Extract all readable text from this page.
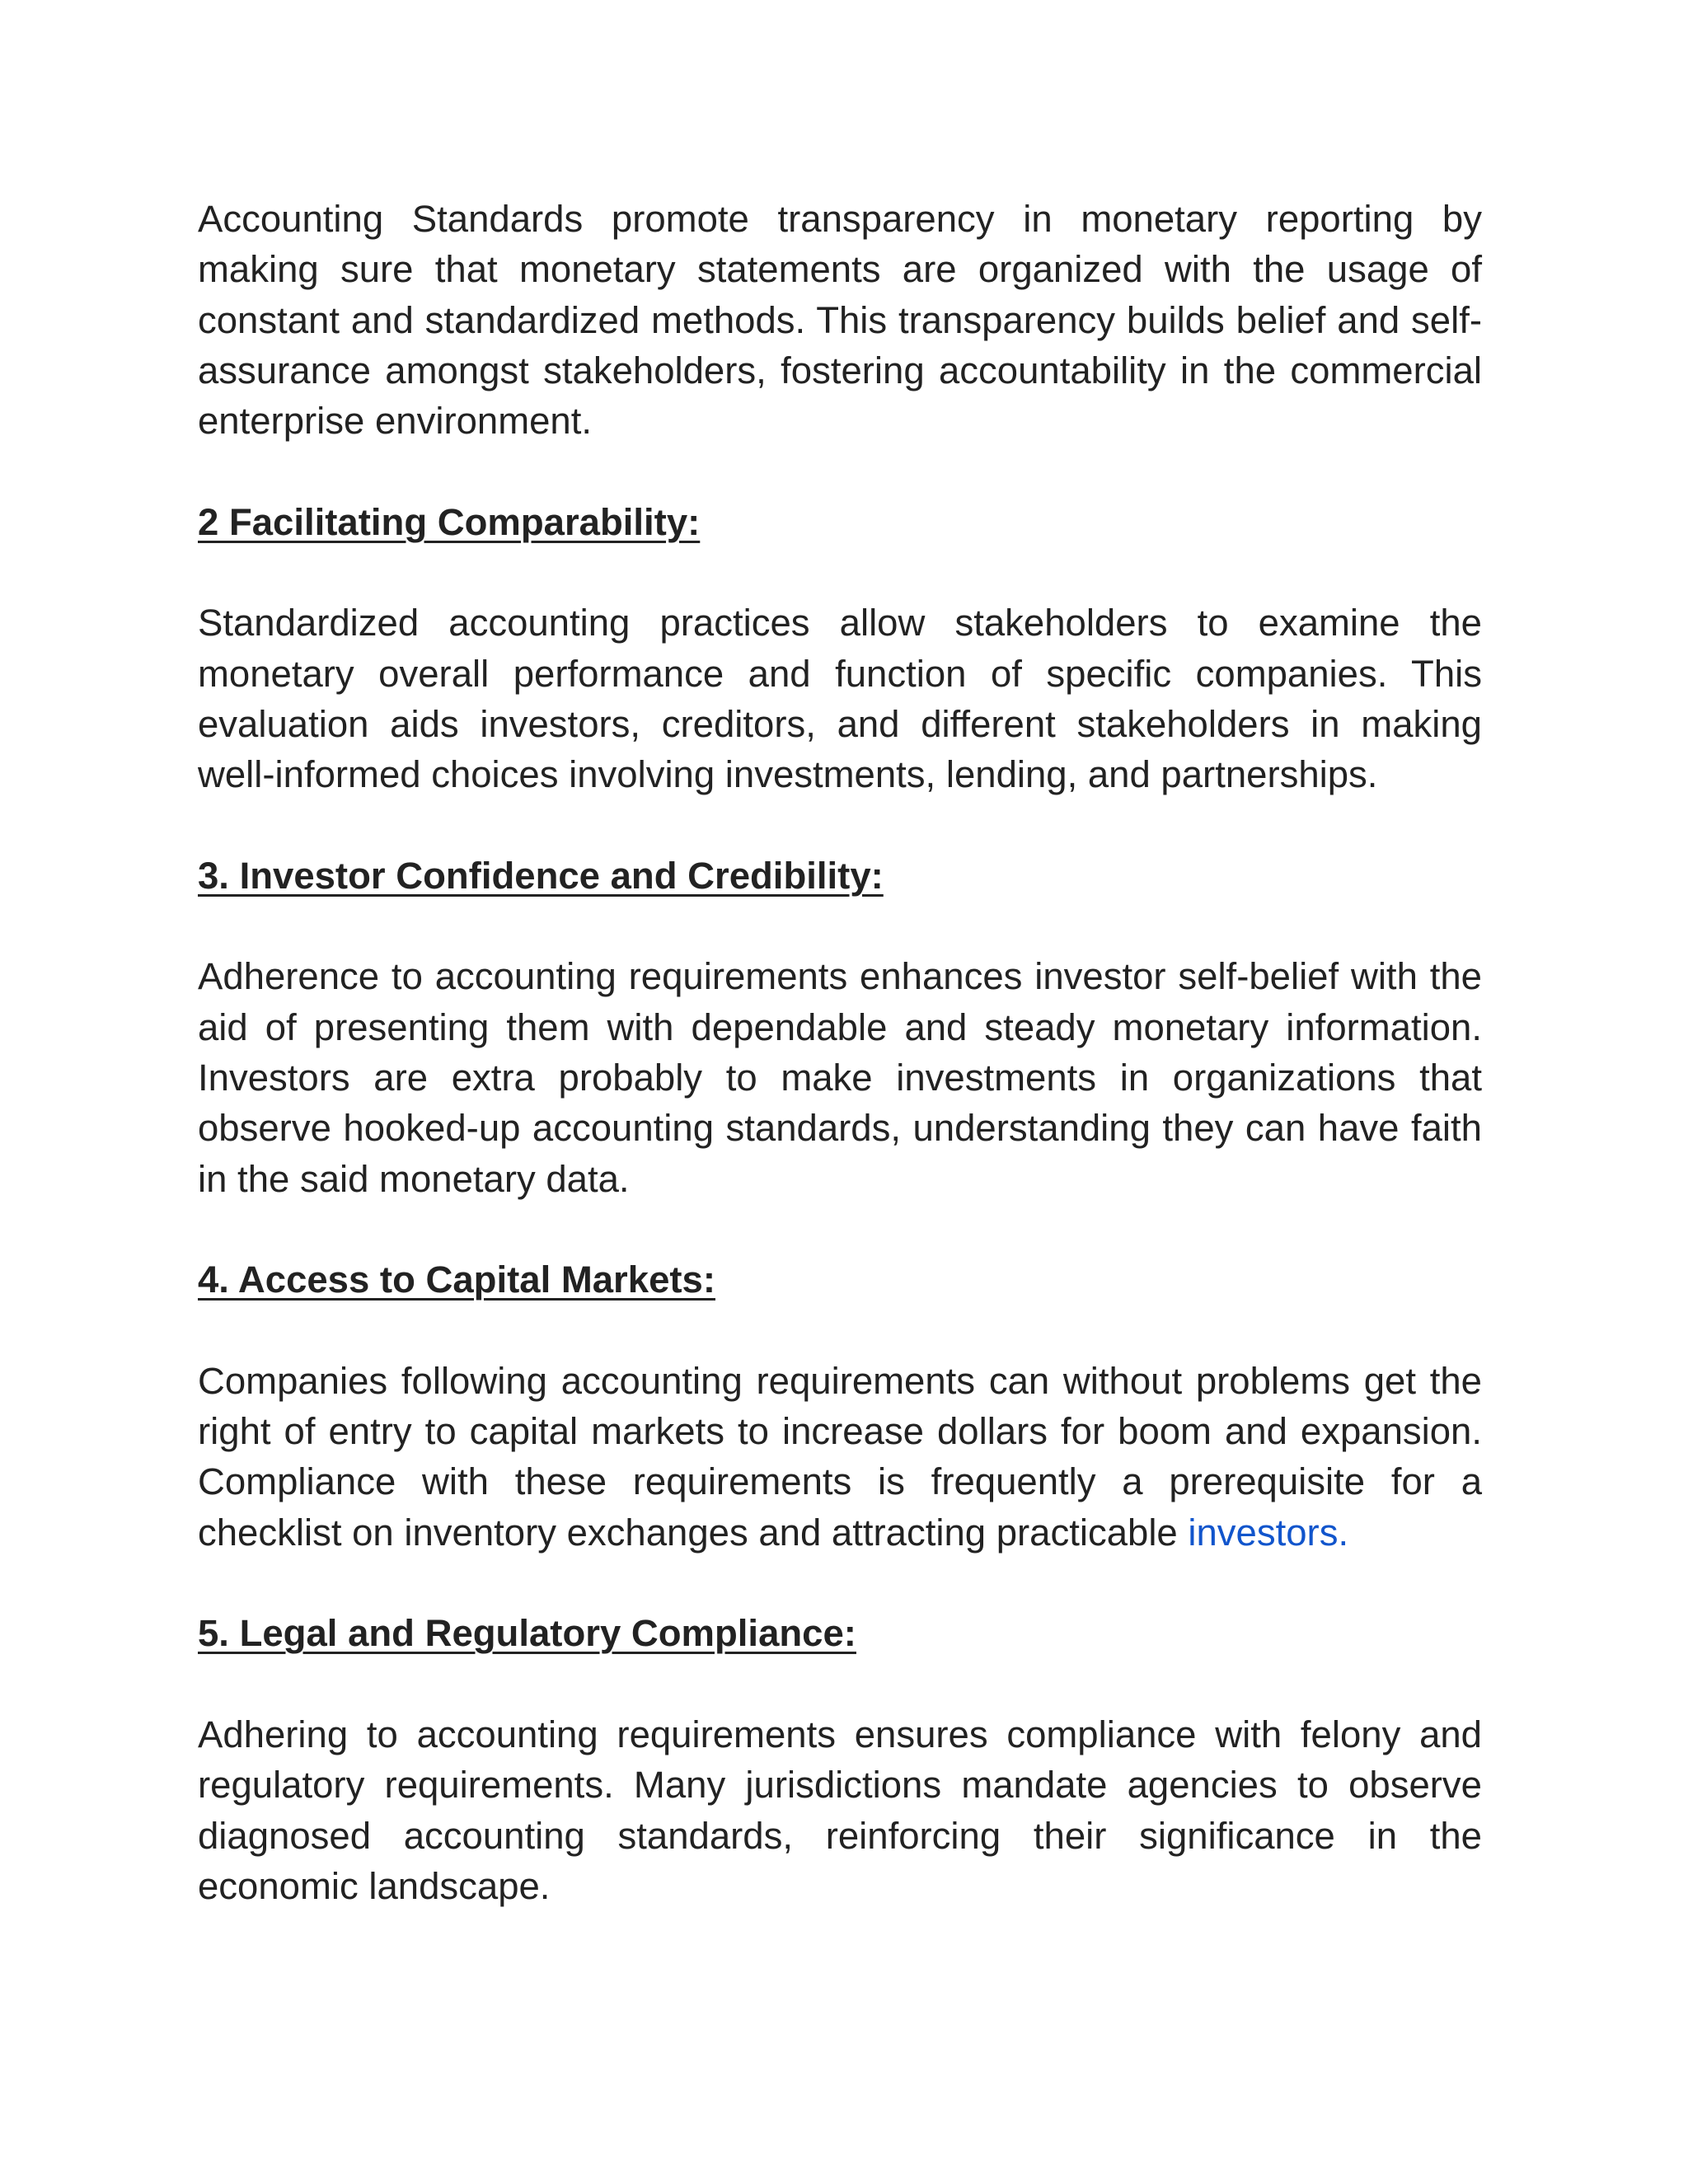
Accounting Standards promote transparency in monetary reporting by making sure that monetary statements are organized with the usage of constant and standardized methods. This transparency builds belief and self-assurance amongst stakeholders, fostering accountability in the commercial enterprise environment.

2 Facilitating Comparability:

Standardized accounting practices allow stakeholders to examine the monetary overall performance and function of specific companies. This evaluation aids investors, creditors, and different stakeholders in making well-informed choices involving investments, lending, and partnerships.

3. Investor Confidence and Credibility:

Adherence to accounting requirements enhances investor self-belief with the aid of presenting them with dependable and steady monetary information. Investors are extra probably to make investments in organizations that observe hooked-up accounting standards, understanding they can have faith in the said monetary data.

4. Access to Capital Markets:

Companies following accounting requirements can without problems get the right of entry to capital markets to increase dollars for boom and expansion. Compliance with these requirements is frequently a prerequisite for a checklist on inventory exchanges and attracting practicable investors.

5. Legal and Regulatory Compliance:

Adhering to accounting requirements ensures compliance with felony and regulatory requirements. Many jurisdictions mandate agencies to observe diagnosed accounting standards, reinforcing their significance in the economic landscape.
